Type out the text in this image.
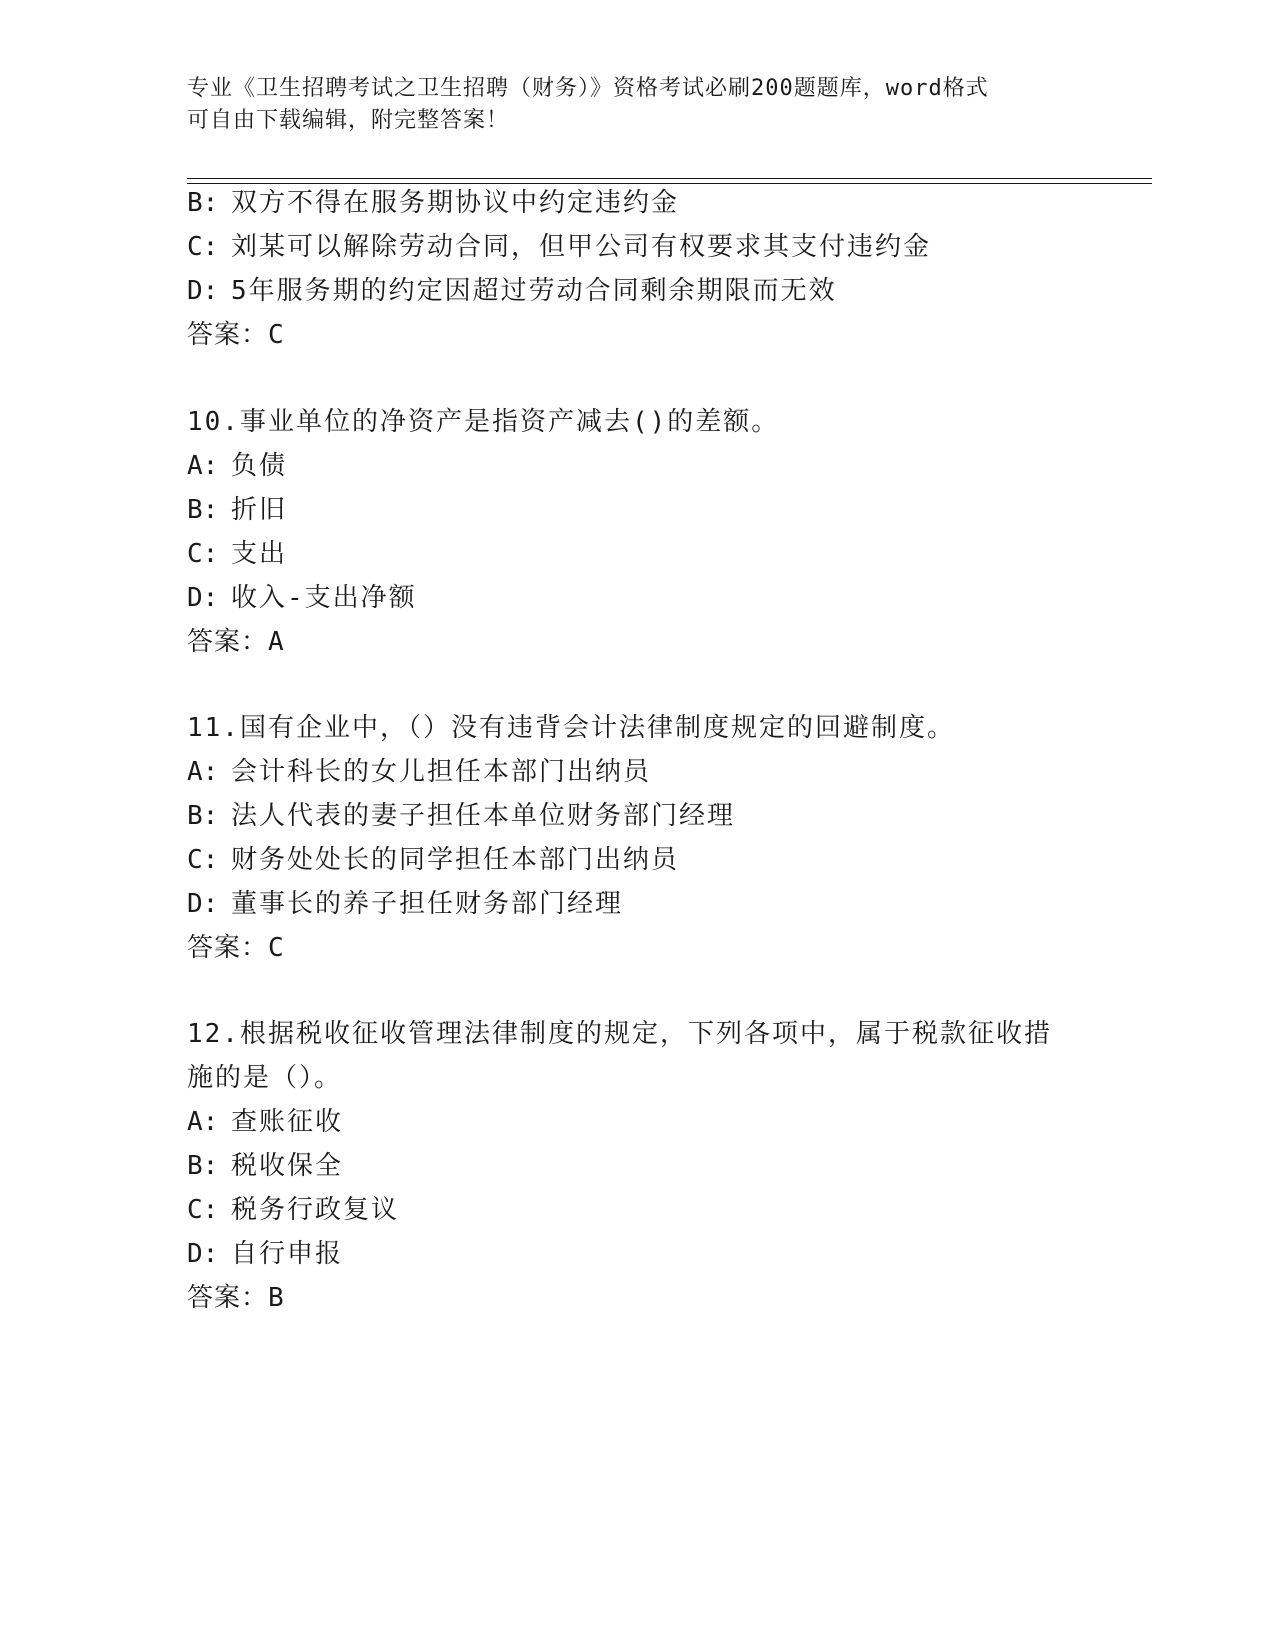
专业《卫生招聘考试之卫生招聘（财务）》资格考试必刷200题题库，word格式
可自由下载编辑，附完整答案！
B: 双方不得在服务期协议中约定违约金
C: 刘某可以解除劳动合同，但甲公司有权要求其支付违约金
D: 5年服务期的约定因超过劳动合同剩余期限而无效
答案：C
10.事业单位的净资产是指资产减去()的差额。
A: 负债
B: 折旧
C: 支出
D: 收入-支出净额
答案：A
11.国有企业中，（）没有违背会计法律制度规定的回避制度。
A: 会计科长的女儿担任本部门出纳员
B: 法人代表的妻子担任本单位财务部门经理
C: 财务处处长的同学担任本部门出纳员
D: 董事长的养子担任财务部门经理
答案：C
12.根据税收征收管理法律制度的规定，下列各项中，属于税款征收措
施的是（）。
A: 查账征收
B: 税收保全
C: 税务行政复议
D: 自行申报
答案：B
